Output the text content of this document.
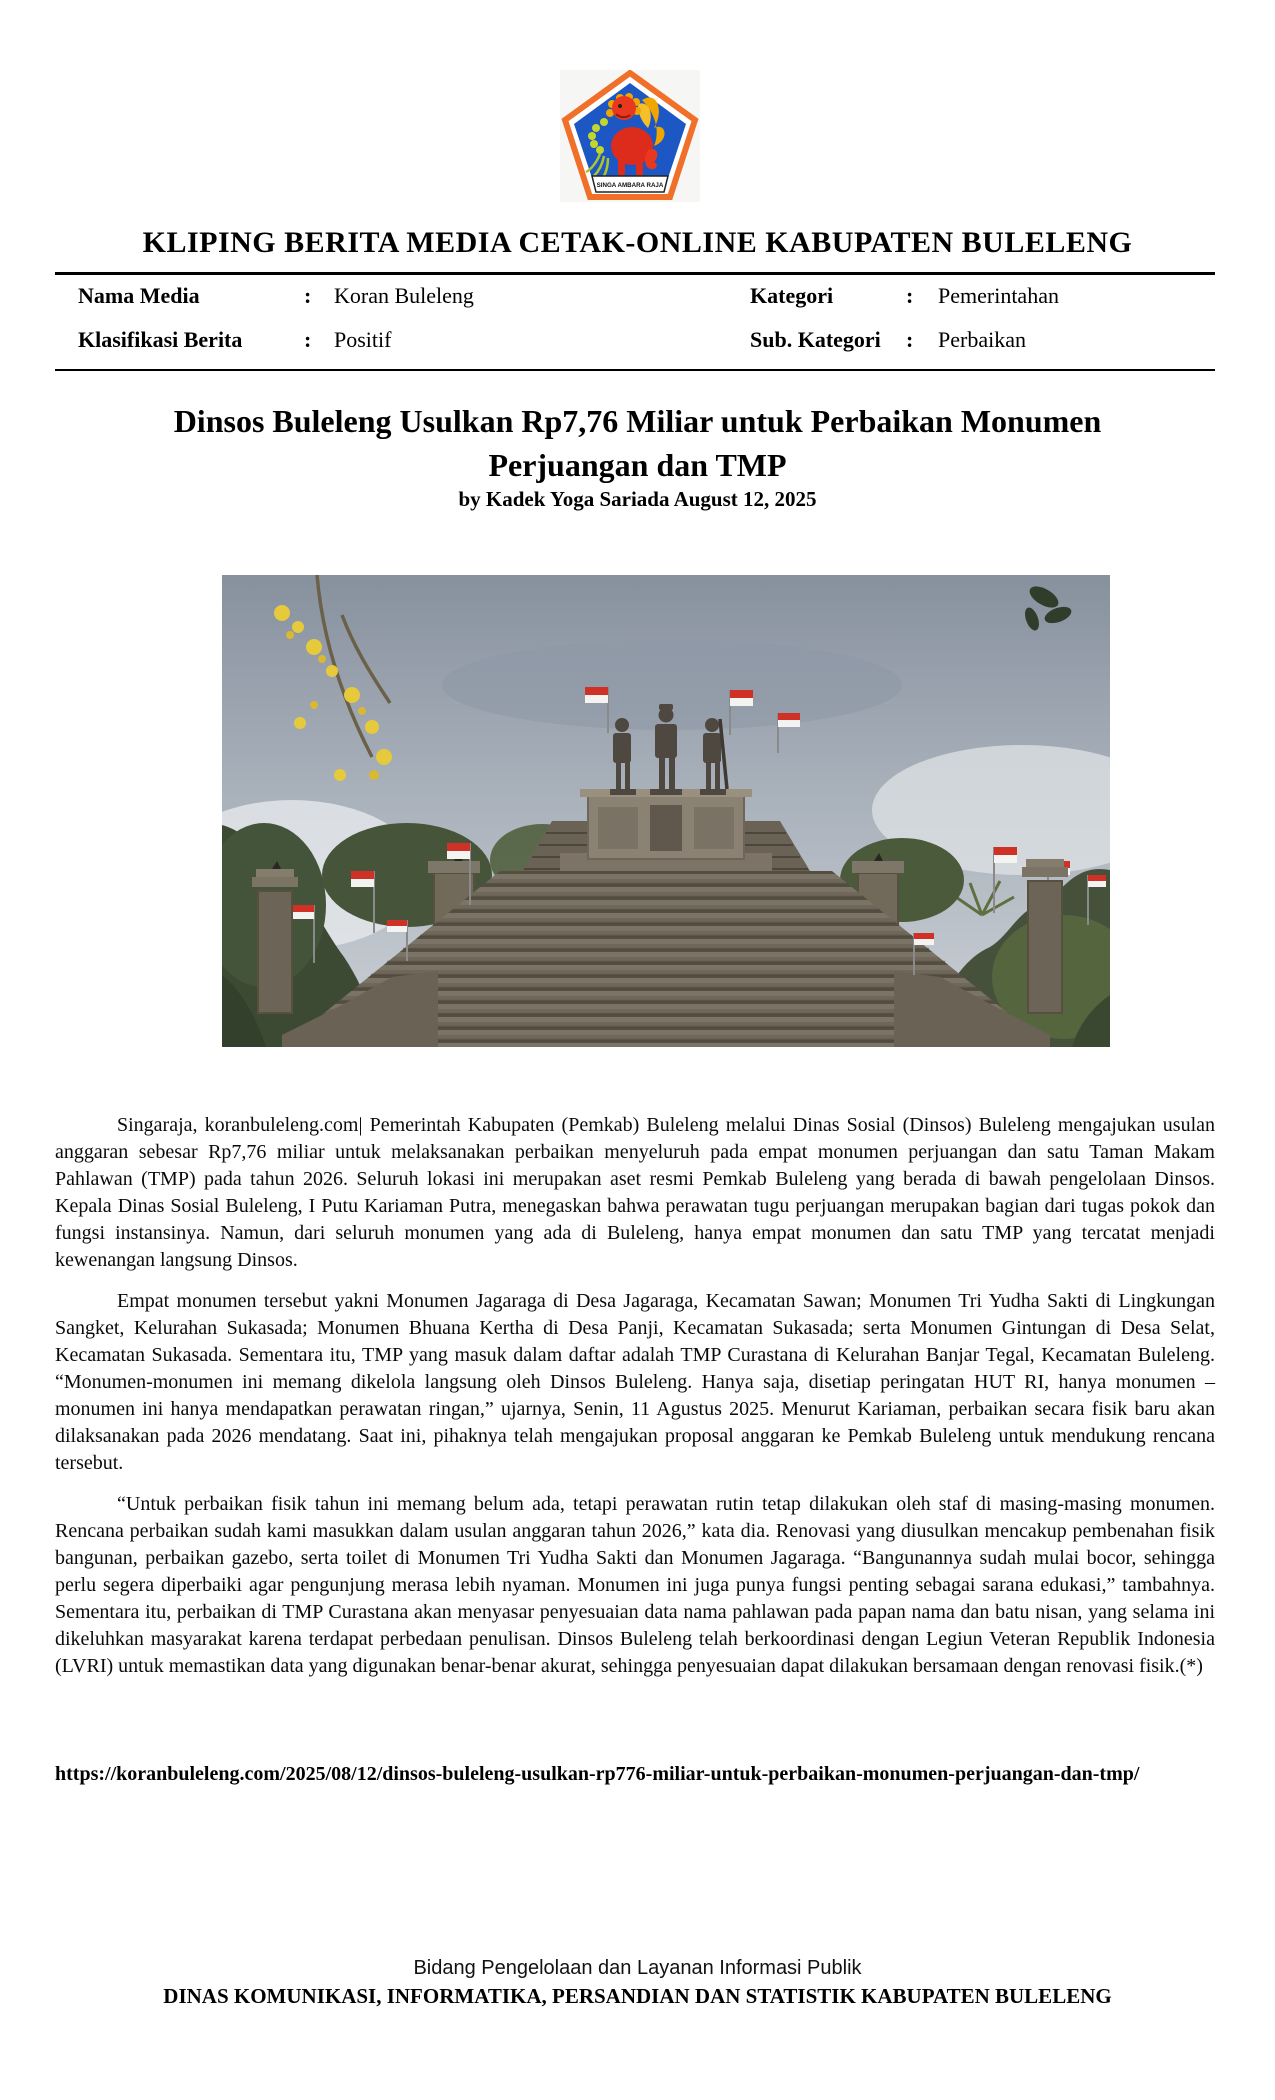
SINGA AMBARA RAJA
KLIPING BERITA MEDIA CETAK-ONLINE KABUPATEN BULELENG
Nama Media	: Koran Buleleng	Kategori	: Pemerintahan
Klasifikasi Berita	: Positif	Sub. Kategori : Perbaikan
Dinsos Buleleng Usulkan Rp7,76 Miliar untuk Perbaikan Monumen
Perjuangan dan TMP
by Kadek Yoga Sariada August 12, 2025

Singaraja, koranbuleleng.com| Pemerintah Kabupaten (Pemkab) Buleleng melalui Dinas Sosial (Dinsos) Buleleng mengajukan usulan anggaran sebesar Rp7,76 miliar untuk melaksanakan perbaikan menyeluruh pada empat monumen perjuangan dan satu Taman Makam Pahlawan (TMP) pada tahun 2026. Seluruh lokasi ini merupakan aset resmi Pemkab Buleleng yang berada di bawah pengelolaan Dinsos. Kepala Dinas Sosial Buleleng, I Putu Kariaman Putra, menegaskan bahwa perawatan tugu perjuangan merupakan bagian dari tugas pokok dan fungsi instansinya. Namun, dari seluruh monumen yang ada di Buleleng, hanya empat monumen dan satu TMP yang tercatat menjadi kewenangan langsung Dinsos.

Empat monumen tersebut yakni Monumen Jagaraga di Desa Jagaraga, Kecamatan Sawan; Monumen Tri Yudha Sakti di Lingkungan Sangket, Kelurahan Sukasada; Monumen Bhuana Kertha di Desa Panji, Kecamatan Sukasada; serta Monumen Gintungan di Desa Selat, Kecamatan Sukasada. Sementara itu, TMP yang masuk dalam daftar adalah TMP Curastana di Kelurahan Banjar Tegal, Kecamatan Buleleng. “Monumen-monumen ini memang dikelola langsung oleh Dinsos Buleleng. Hanya saja, disetiap peringatan HUT RI, hanya monumen – monumen ini hanya mendapatkan perawatan ringan,” ujarnya, Senin, 11 Agustus 2025. Menurut Kariaman, perbaikan secara fisik baru akan dilaksanakan pada 2026 mendatang. Saat ini, pihaknya telah mengajukan proposal anggaran ke Pemkab Buleleng untuk mendukung rencana tersebut.

“Untuk perbaikan fisik tahun ini memang belum ada, tetapi perawatan rutin tetap dilakukan oleh staf di masing-masing monumen. Rencana perbaikan sudah kami masukkan dalam usulan anggaran tahun 2026,” kata dia. Renovasi yang diusulkan mencakup pembenahan fisik bangunan, perbaikan gazebo, serta toilet di Monumen Tri Yudha Sakti dan Monumen Jagaraga. “Bangunannya sudah mulai bocor, sehingga perlu segera diperbaiki agar pengunjung merasa lebih nyaman. Monumen ini juga punya fungsi penting sebagai sarana edukasi,” tambahnya. Sementara itu, perbaikan di TMP Curastana akan menyasar penyesuaian data nama pahlawan pada papan nama dan batu nisan, yang selama ini dikeluhkan masyarakat karena terdapat perbedaan penulisan. Dinsos Buleleng telah berkoordinasi dengan Legiun Veteran Republik Indonesia (LVRI) untuk memastikan data yang digunakan benar-benar akurat, sehingga penyesuaian dapat dilakukan bersamaan dengan renovasi fisik.(*)

https://koranbuleleng.com/2025/08/12/dinsos-buleleng-usulkan-rp776-miliar-untuk-perbaikan-monumen-perjuangan-dan-tmp/
Bidang Pengelolaan dan Layanan Informasi Publik
DINAS KOMUNIKASI, INFORMATIKA, PERSANDIAN DAN STATISTIK KABUPATEN BULELENG
